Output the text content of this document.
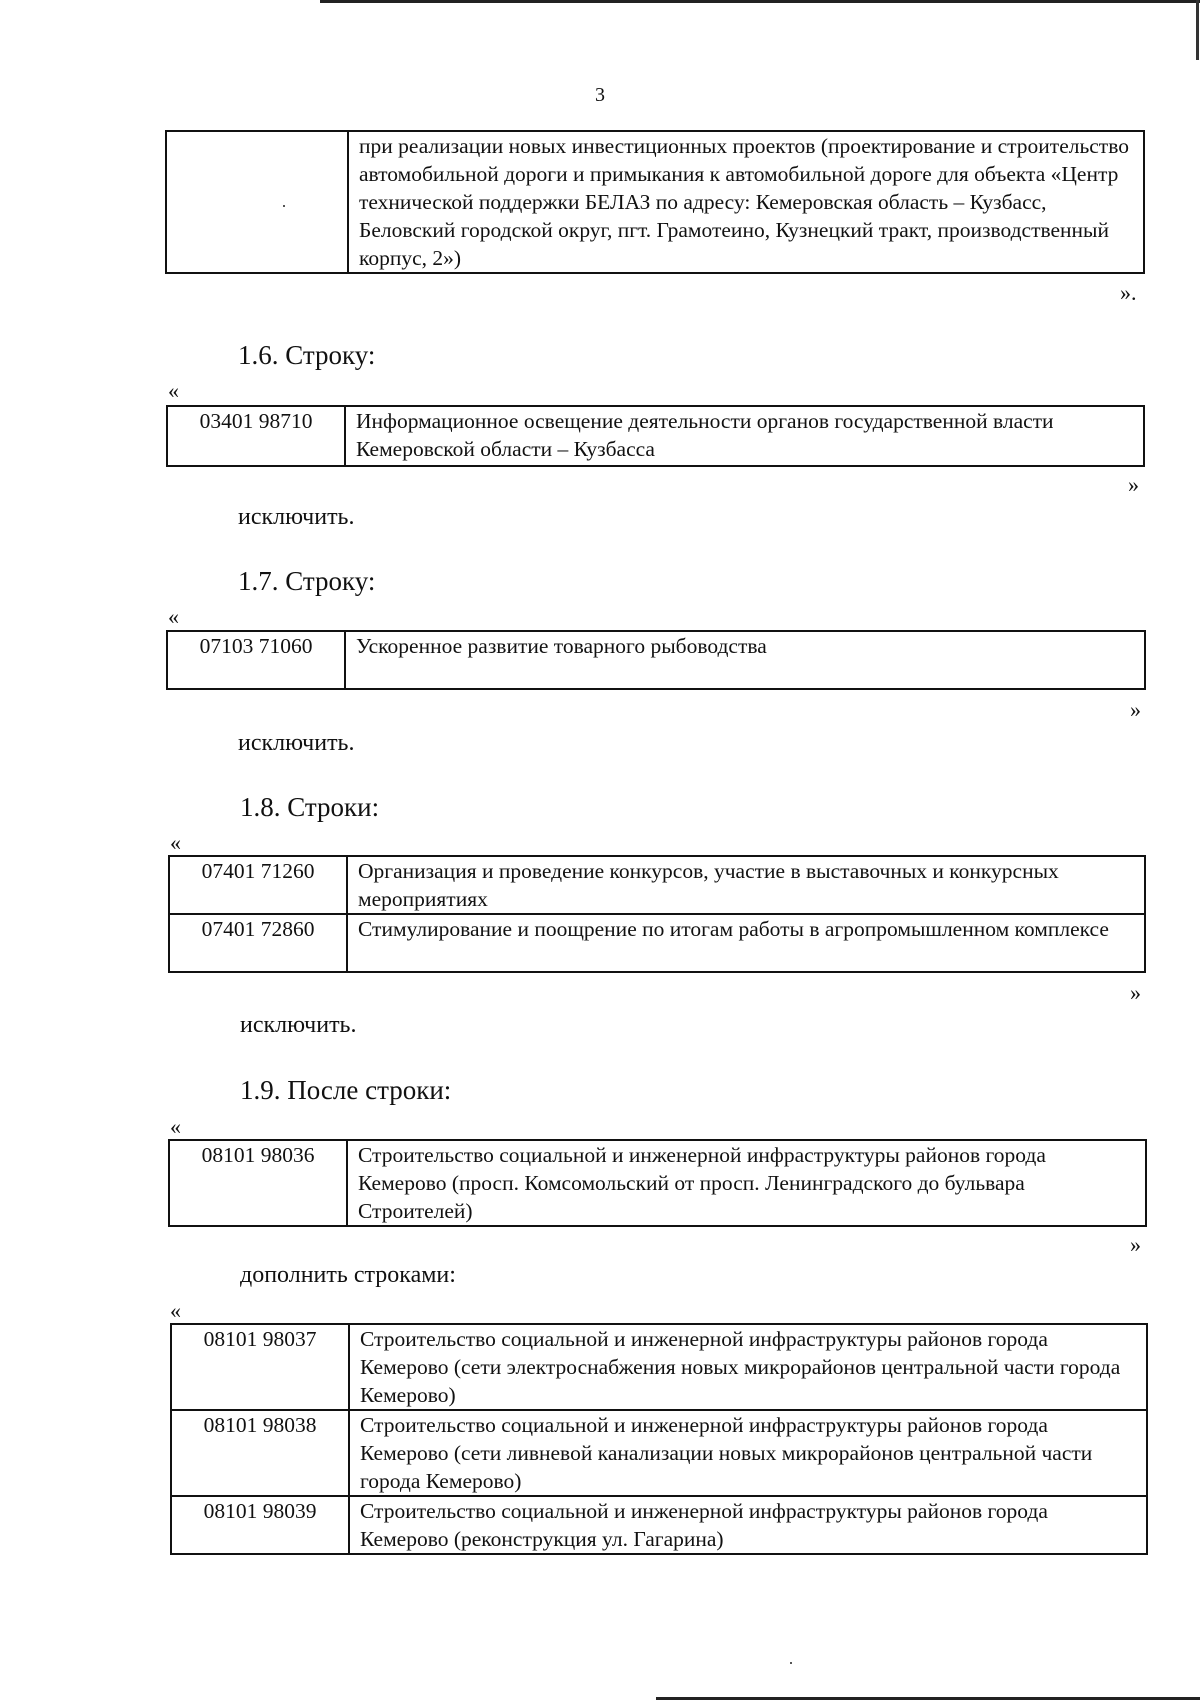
3
	при реализации новых инвестиционных проектов (проектирование и строительство автомобильной дороги и примыкания к автомобильной дороге для объекта «Центр технической поддержки БЕЛАЗ по адресу: Кемеровская область – Кузбасс, Беловский городской округ, пгт. Грамотеино, Кузнецкий тракт, производственный корпус, 2»)
».
1.6. Строку:
«
03401 98710	Информационное освещение деятельности органов государственной власти Кемеровской области – Кузбасса
»
исключить.
1.7. Строку:
«
07103 71060	Ускоренное развитие товарного рыбоводства
»
исключить.
1.8. Строки:
«
07401 71260	Организация и проведение конкурсов, участие в выставочных и конкурсных мероприятиях
07401 72860	Стимулирование и поощрение по итогам работы в агропромышленном комплексе
»
исключить.
1.9. После строки:
«
08101 98036	Строительство социальной и инженерной инфраструктуры районов города Кемерово (просп. Комсомольский от просп. Ленинградского до бульвара Строителей)
»
дополнить строками:
«
08101 98037	Строительство социальной и инженерной инфраструктуры районов города Кемерово (сети электроснабжения новых микрорайонов центральной части города Кемерово)
08101 98038	Строительство социальной и инженерной инфраструктуры районов города Кемерово (сети ливневой канализации новых микрорайонов центральной части города Кемерово)
08101 98039	Строительство социальной и инженерной инфраструктуры районов города Кемерово (реконструкция ул. Гагарина)
